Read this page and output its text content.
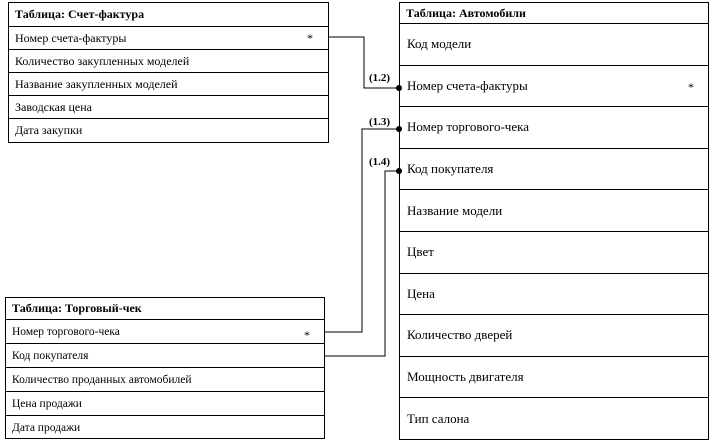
Таблица: Счет-фактура
Номер счета-фактуры	*
Количество закупленных моделей
Название закупленных моделей
Заводская цена
Дата закупки
Таблица: Автомобили
Код модели
Номер счета-фактуры	*
Номер торгового-чека
Код покупателя
Название модели
Цвет
Цена
Количество дверей
Мощность двигателя
Тип салона
Таблица: Торговый-чек
Номер торгового-чека	*
Код покупателя
Количество проданных автомобилей
Цена продажи
Дата продажи
(1.2)
(1.3)
(1.4)
